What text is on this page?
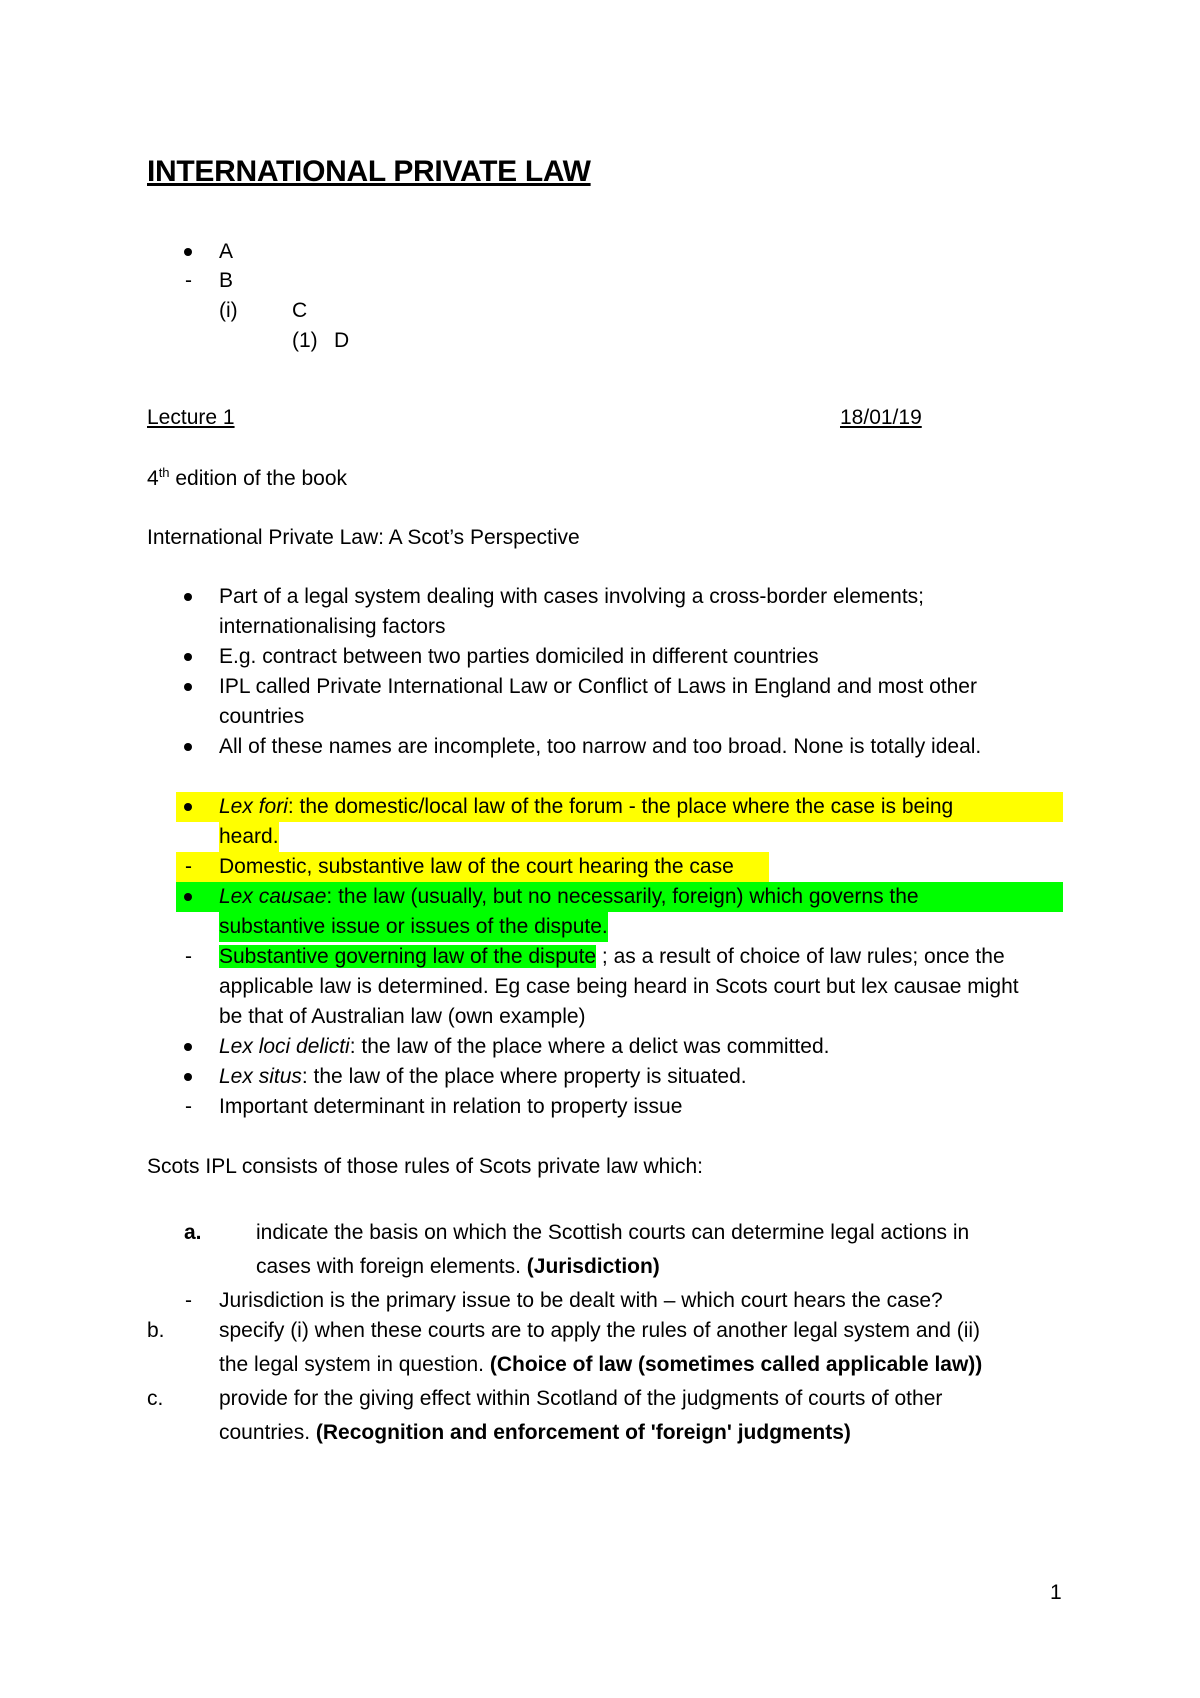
INTERNATIONAL PRIVATE LAW
A
- B
(i)	C
(1) D
Lecture 1	18/01/19
4th edition of the book
International Private Law: A Scot’s Perspective
Part of a legal system dealing with cases involving a cross-border elements;
internationalising factors
E.g. contract between two parties domiciled in different countries
IPL called Private International Law or Conflict of Laws in England and most other
countries
All of these names are incomplete, too narrow and too broad. None is totally ideal.
Lex fori: the domestic/local law of the forum - the place where the case is being
heard.
- Domestic, substantive law of the court hearing the case
Lex causae: the law (usually, but no necessarily, foreign) which governs the
substantive issue or issues of the dispute.
- Substantive governing law of the dispute ; as a result of choice of law rules; once the
applicable law is determined. Eg case being heard in Scots court but lex causae might
be that of Australian law (own example)
Lex loci delicti: the law of the place where a delict was committed.
Lex situs: the law of the place where property is situated.
- Important determinant in relation to property issue
Scots IPL consists of those rules of Scots private law which:
a.	indicate the basis on which the Scottish courts can determine legal actions in
cases with foreign elements. (Jurisdiction)
- Jurisdiction is the primary issue to be dealt with – which court hears the case?
b.	specify (i) when these courts are to apply the rules of another legal system and (ii)
the legal system in question. (Choice of law (sometimes called applicable law))
c.	provide for the giving effect within Scotland of the judgments of courts of other
countries. (Recognition and enforcement of 'foreign' judgments)
1
